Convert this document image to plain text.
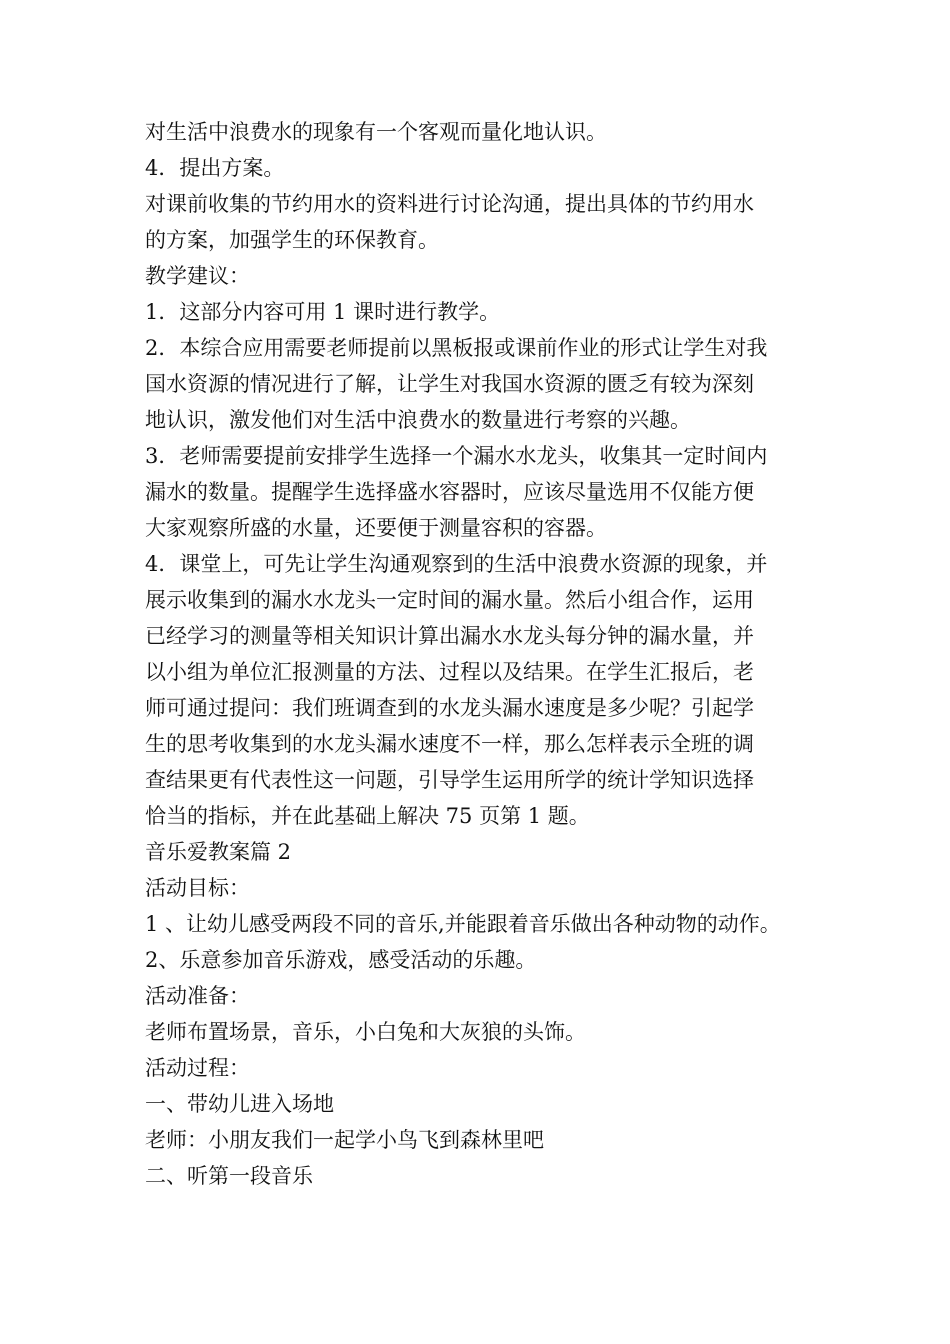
对生活中浪费水的现象有一个客观而量化地认识。
4．提出方案。
对课前收集的节约用水的资料进行讨论沟通，提出具体的节约用水
的方案，加强学生的环保教育。
教学建议：
1．这部分内容可用 1 课时进行教学。
2．本综合应用需要老师提前以黑板报或课前作业的形式让学生对我
国水资源的情况进行了解，让学生对我国水资源的匮乏有较为深刻
地认识，激发他们对生活中浪费水的数量进行考察的兴趣。
3．老师需要提前安排学生选择一个漏水水龙头，收集其一定时间内
漏水的数量。提醒学生选择盛水容器时，应该尽量选用不仅能方便
大家观察所盛的水量，还要便于测量容积的容器。
4．课堂上，可先让学生沟通观察到的生活中浪费水资源的现象，并
展示收集到的漏水水龙头一定时间的漏水量。然后小组合作，运用
已经学习的测量等相关知识计算出漏水水龙头每分钟的漏水量，并
以小组为单位汇报测量的方法、过程以及结果。在学生汇报后，老
师可通过提问：我们班调查到的水龙头漏水速度是多少呢？引起学
生的思考收集到的水龙头漏水速度不一样，那么怎样表示全班的调
查结果更有代表性这一问题，引导学生运用所学的统计学知识选择
恰当的指标，并在此基础上解决 75 页第 1 题。
音乐爱教案篇 2
活动目标：
1 、让幼儿感受两段不同的音乐,并能跟着音乐做出各种动物的动作。
2、乐意参加音乐游戏，感受活动的乐趣。
活动准备：
老师布置场景，音乐，小白兔和大灰狼的头饰。
活动过程：
一、带幼儿进入场地
老师：小朋友我们一起学小鸟飞到森林里吧
二、听第一段音乐
